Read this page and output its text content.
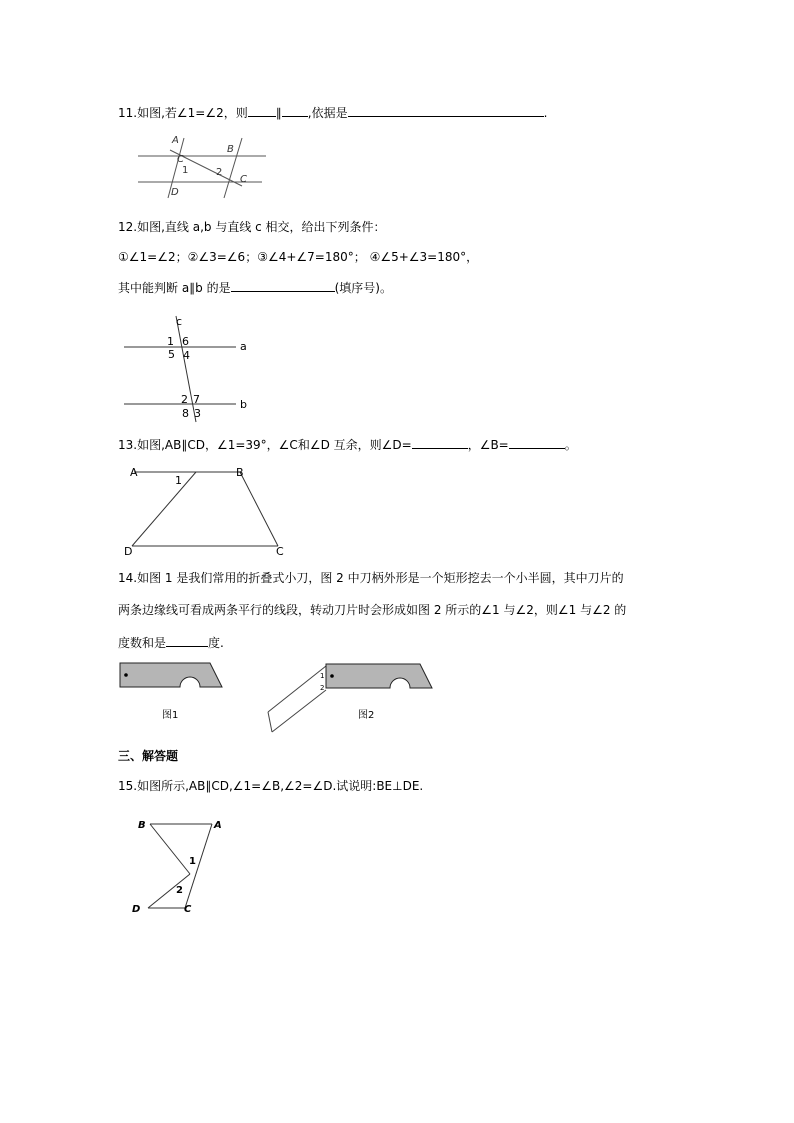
11.如图,若∠1=∠2，则 ∥ ,依据是	.
A
C
B
C
D
1	2
12.如图,直线 a,b 与直线 c 相交，给出下列条件：
①∠1=∠2；②∠3=∠6；③∠4+∠7=180°； ④∠5+∠3=180°，
其中能判断 a∥b 的是	(填序号)。
c
a
b
1 6
5 4
2 7
8 3
13.如图,AB∥CD，∠1=39°，∠C和∠D 互余，则∠D=	，∠B=	。
A	B
D	C
1
14.如图 1 是我们常用的折叠式小刀，图 2 中刀柄外形是一个矩形挖去一个小半圆，其中刀片的
两条边缘线可看成两条平行的线段，转动刀片时会形成如图 2 所示的∠1 与∠2，则∠1 与∠2 的
度数和是	度.
图1
1
2
图2
三、解答题
15.如图所示,AB∥CD,∠1=∠B,∠2=∠D.试说明:BE⊥DE.
B	A
D	C
1
2
